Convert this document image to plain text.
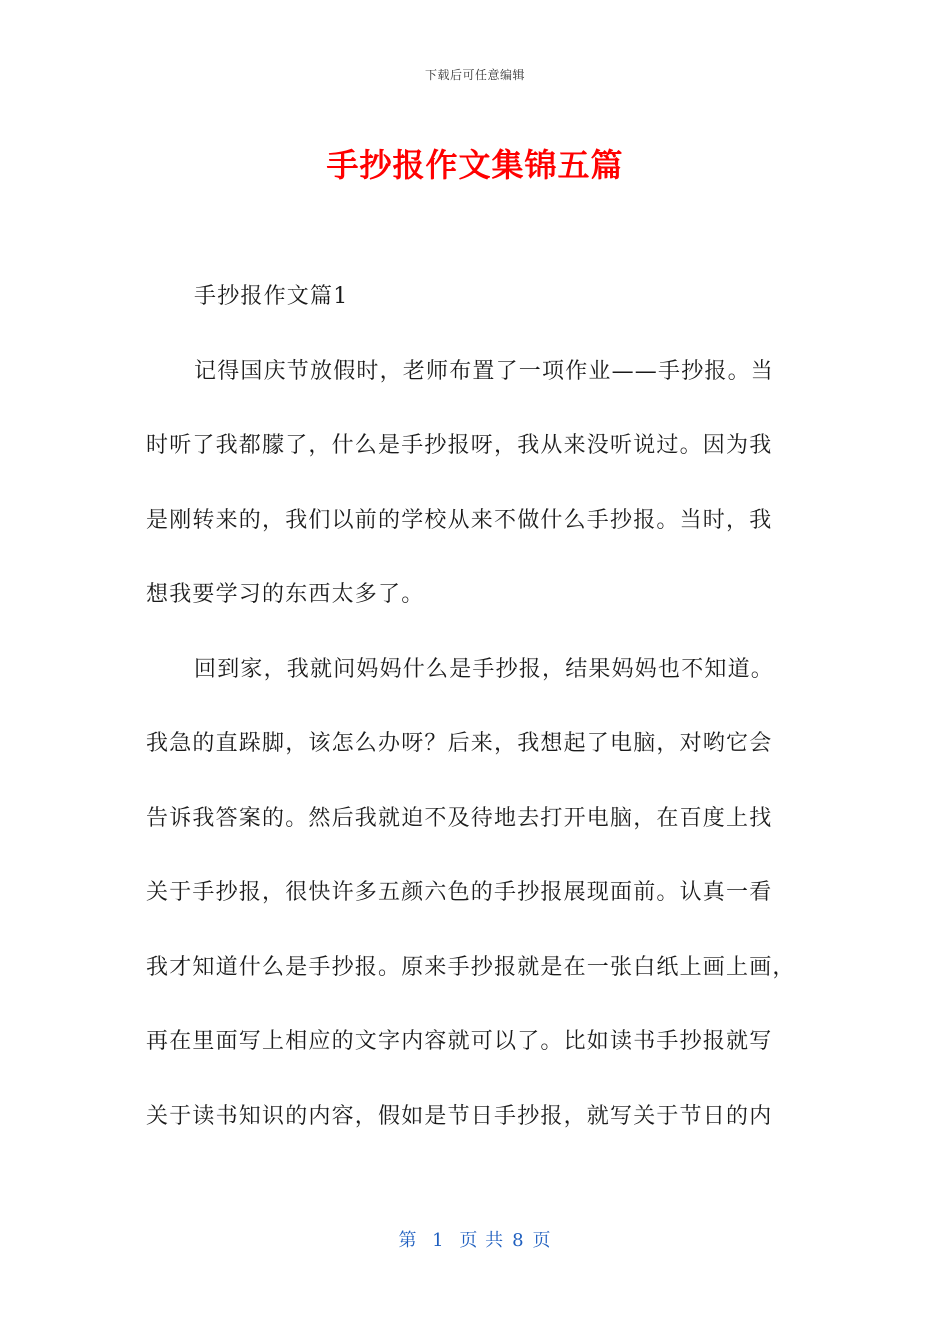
下载后可任意编辑
手抄报作文集锦五篇
手抄报作文篇1
记得国庆节放假时，老师布置了一项作业——手抄报。当
时听了我都朦了，什么是手抄报呀，我从来没听说过。因为我
是刚转来的，我们以前的学校从来不做什么手抄报。当时，我
想我要学习的东西太多了。
回到家，我就问妈妈什么是手抄报，结果妈妈也不知道。
我急的直跺脚，该怎么办呀？后来，我想起了电脑，对哟它会
告诉我答案的。然后我就迫不及待地去打开电脑，在百度上找
关于手抄报，很快许多五颜六色的手抄报展现面前。认真一看
我才知道什么是手抄报。原来手抄报就是在一张白纸上画上画，
再在里面写上相应的文字内容就可以了。比如读书手抄报就写
关于读书知识的内容，假如是节日手抄报，就写关于节日的内
第 1 页 共 8 页
